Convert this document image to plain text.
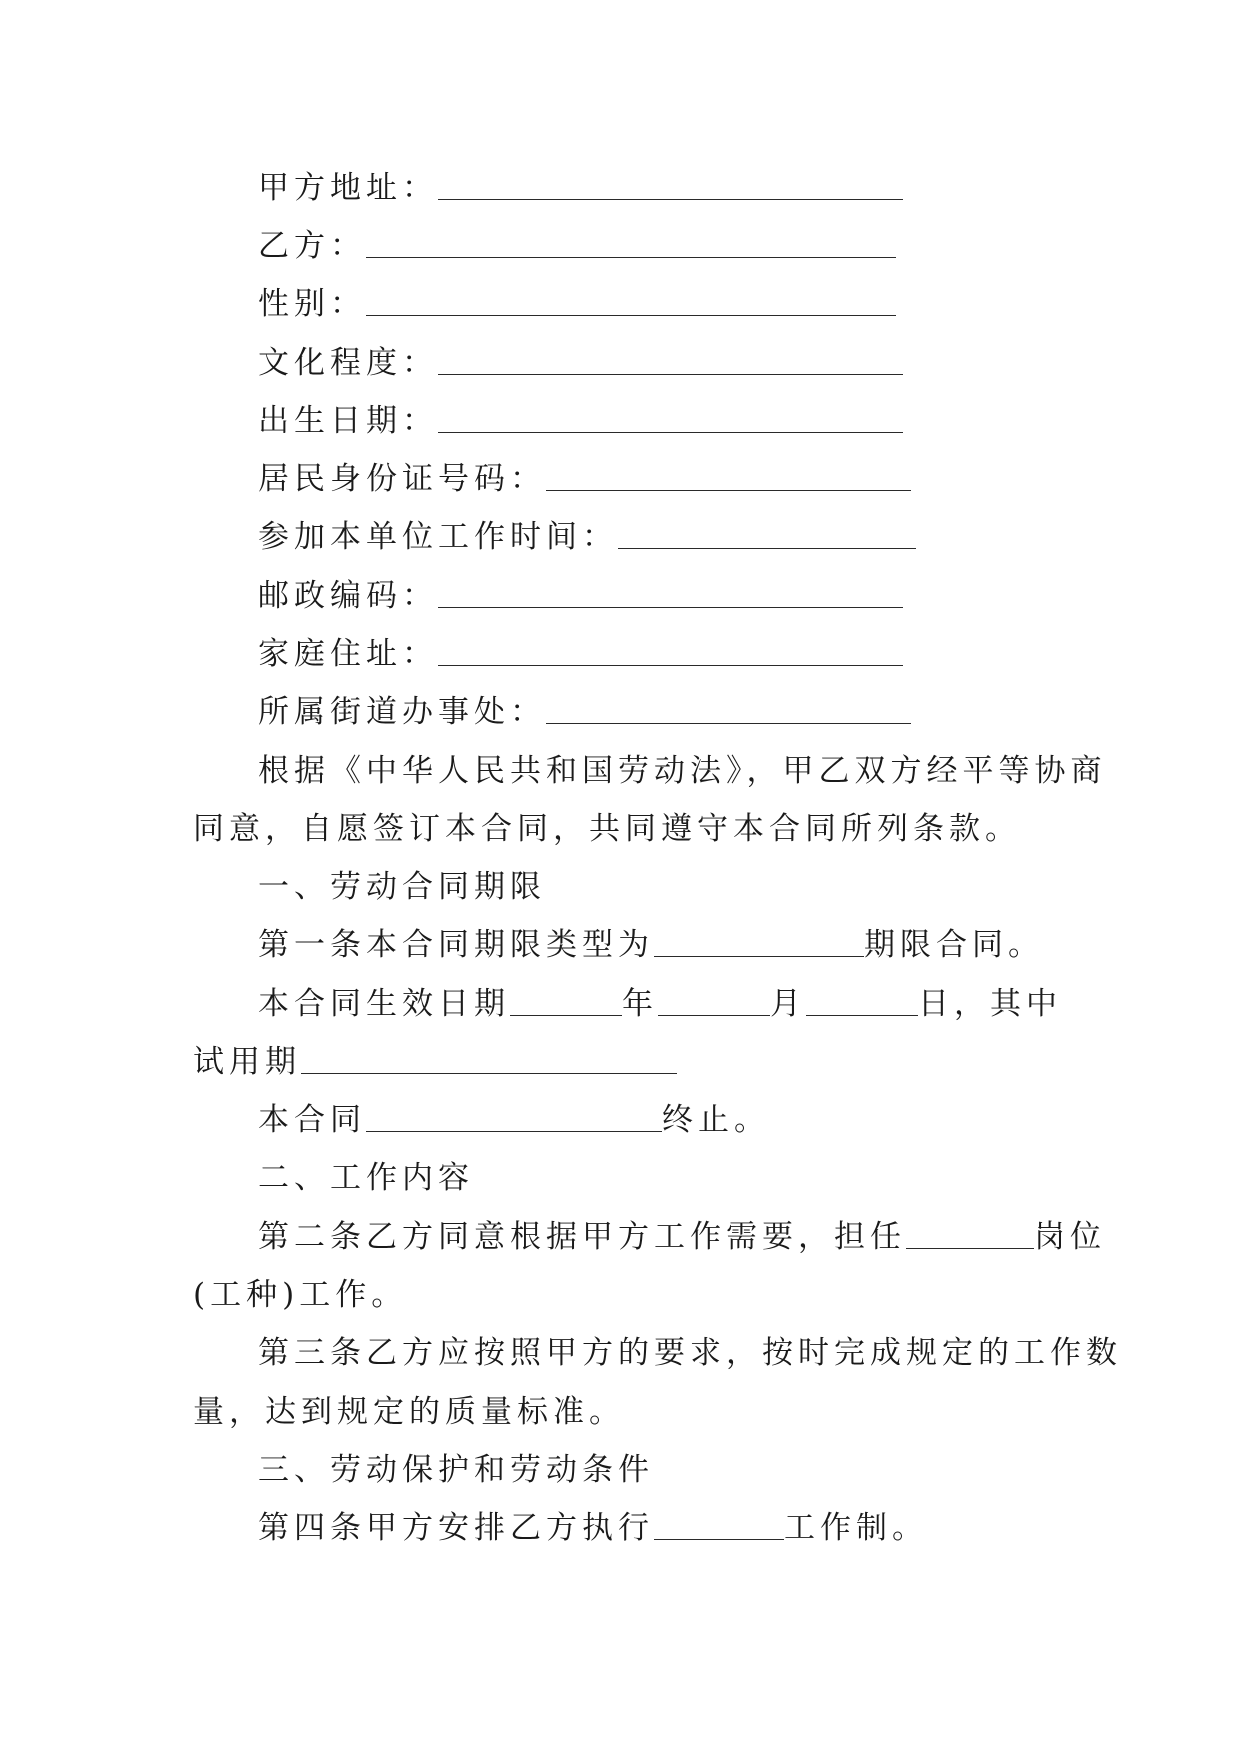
甲方地址：
乙方：
性别：
文化程度：
出生日期：
居民身份证号码：
参加本单位工作时间：
邮政编码：
家庭住址：
所属街道办事处：
根据《中华人民共和国劳动法》，甲乙双方经平等协商
同意，自愿签订本合同，共同遵守本合同所列条款。
一、劳动合同期限
第一条本合同期限类型为	期限合同。
本合同生效日期	年	月	日，其中
试用期
本合同	终止。
二、工作内容
第二条乙方同意根据甲方工作需要，担任	岗位
(工种)工作。
第三条乙方应按照甲方的要求，按时完成规定的工作数
量，达到规定的质量标准。
三、劳动保护和劳动条件
第四条甲方安排乙方执行	工作制。
